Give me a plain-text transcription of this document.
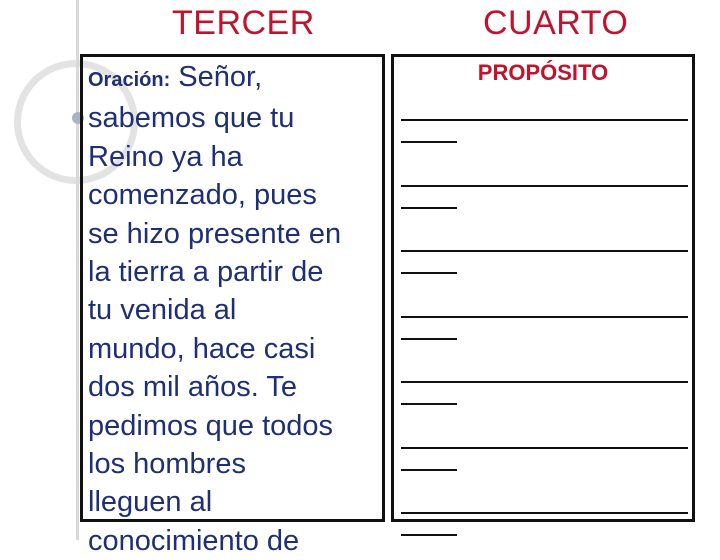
TERCER	CUARTO
Oración: Señor,
sabemos que tu
Reino ya ha
comenzado, pues
se hizo presente en
la tierra a partir de
tu venida al
mundo, hace casi
dos mil años. Te
pedimos que todos
los hombres
lleguen al
conocimiento de
PROPÓSITO
